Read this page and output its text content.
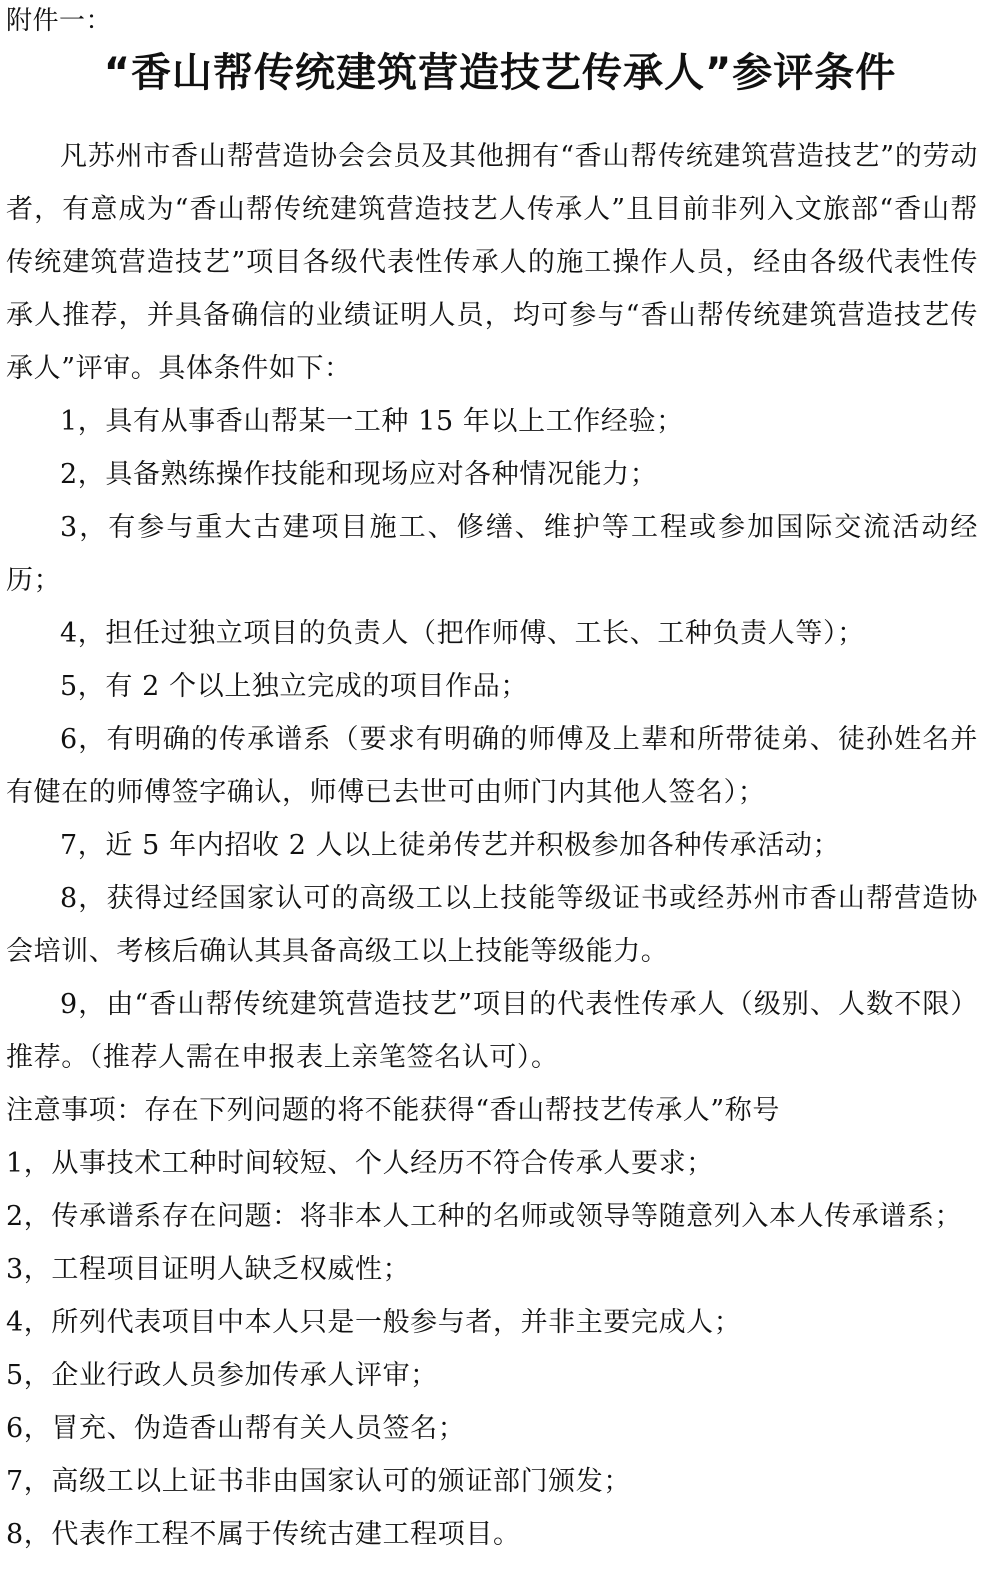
附件一：
“香山帮传统建筑营造技艺传承人”参评条件

凡苏州市香山帮营造协会会员及其他拥有“香山帮传统建筑营造技艺”的劳动者，有意成为“香山帮传统建筑营造技艺人传承人”且目前非列入文旅部“香山帮传统建筑营造技艺”项目各级代表性传承人的施工操作人员，经由各级代表性传承人推荐，并具备确信的业绩证明人员，均可参与“香山帮传统建筑营造技艺传承人”评审。具体条件如下：

1，具有从事香山帮某一工种 15 年以上工作经验；

2，具备熟练操作技能和现场应对各种情况能力；

3，有参与重大古建项目施工、修缮、维护等工程或参加国际交流活动经历；

4，担任过独立项目的负责人（把作师傅、工长、工种负责人等）；

5，有 2 个以上独立完成的项目作品；

6，有明确的传承谱系（要求有明确的师傅及上辈和所带徒弟、徒孙姓名并有健在的师傅签字确认，师傅已去世可由师门内其他人签名）；

7，近 5 年内招收 2 人以上徒弟传艺并积极参加各种传承活动；

8，获得过经国家认可的高级工以上技能等级证书或经苏州市香山帮营造协会培训、考核后确认其具备高级工以上技能等级能力。

9，由“香山帮传统建筑营造技艺”项目的代表性传承人（级别、人数不限）推荐。（推荐人需在申报表上亲笔签名认可）。

注意事项：存在下列问题的将不能获得“香山帮技艺传承人”称号

1，从事技术工种时间较短、个人经历不符合传承人要求；

2，传承谱系存在问题：将非本人工种的名师或领导等随意列入本人传承谱系；

3，工程项目证明人缺乏权威性；

4，所列代表项目中本人只是一般参与者，并非主要完成人；

5，企业行政人员参加传承人评审；

6，冒充、伪造香山帮有关人员签名；

7，高级工以上证书非由国家认可的颁证部门颁发；

8，代表作工程不属于传统古建工程项目。
